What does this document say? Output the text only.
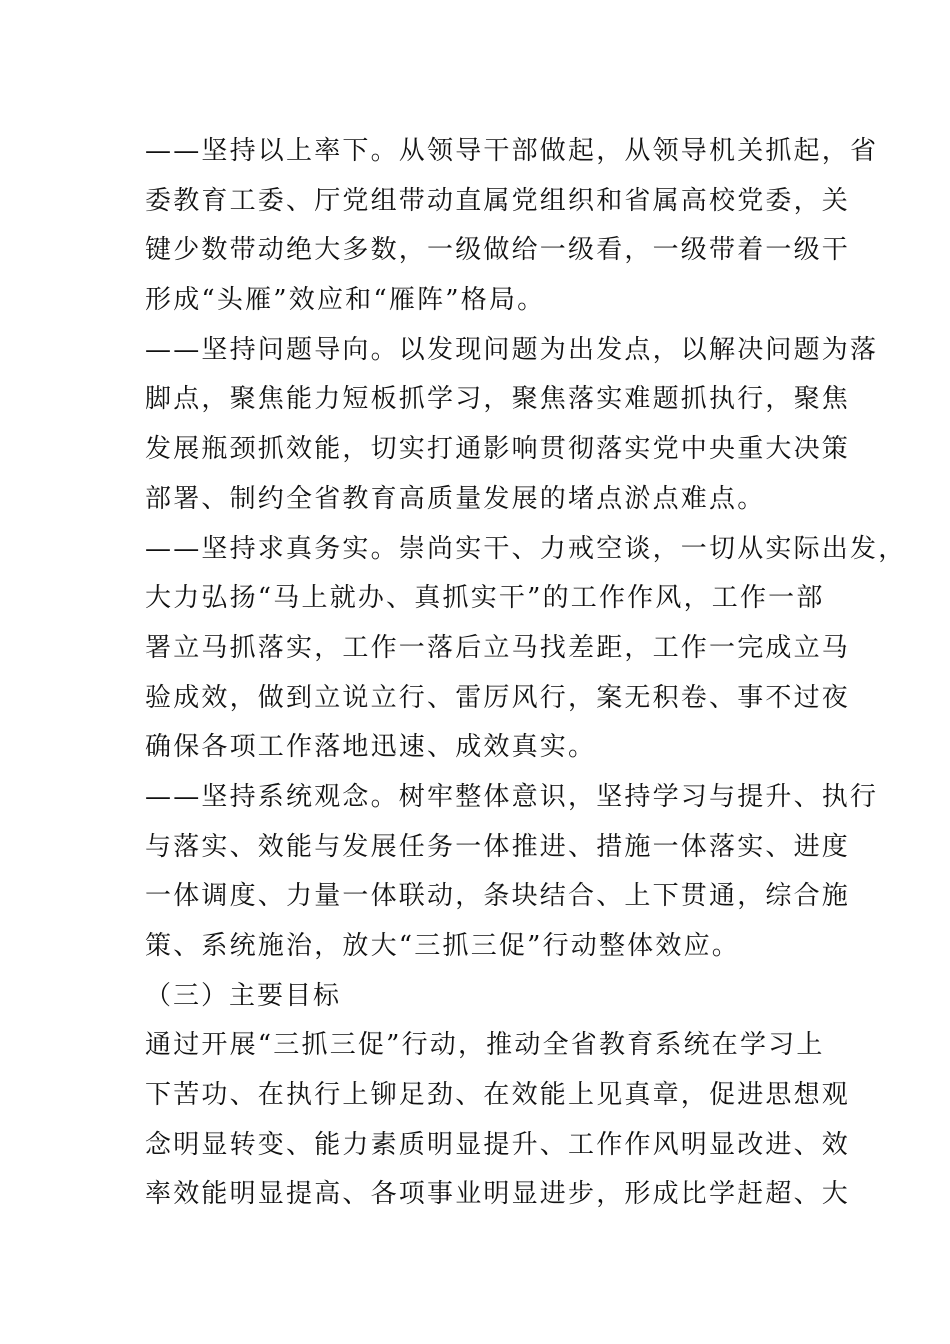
——坚持以上率下。从领导干部做起，从领导机关抓起，省
委教育工委、厅党组带动直属党组织和省属高校党委，关
键少数带动绝大多数，一级做给一级看，一级带着一级干
形成“头雁”效应和“雁阵”格局。
——坚持问题导向。以发现问题为出发点，以解决问题为落
脚点，聚焦能力短板抓学习，聚焦落实难题抓执行，聚焦
发展瓶颈抓效能，切实打通影响贯彻落实党中央重大决策
部署、制约全省教育高质量发展的堵点淤点难点。
——坚持求真务实。崇尚实干、力戒空谈，一切从实际出发，
大力弘扬“马上就办、真抓实干”的工作作风，工作一部
署立马抓落实，工作一落后立马找差距，工作一完成立马
验成效，做到立说立行、雷厉风行，案无积卷、事不过夜
确保各项工作落地迅速、成效真实。
——坚持系统观念。树牢整体意识，坚持学习与提升、执行
与落实、效能与发展任务一体推进、措施一体落实、进度
一体调度、力量一体联动，条块结合、上下贯通，综合施
策、系统施治，放大“三抓三促”行动整体效应。
（三）主要目标
通过开展“三抓三促”行动，推动全省教育系统在学习上
下苦功、在执行上铆足劲、在效能上见真章，促进思想观
念明显转变、能力素质明显提升、工作作风明显改进、效
率效能明显提高、各项事业明显进步，形成比学赶超、大
